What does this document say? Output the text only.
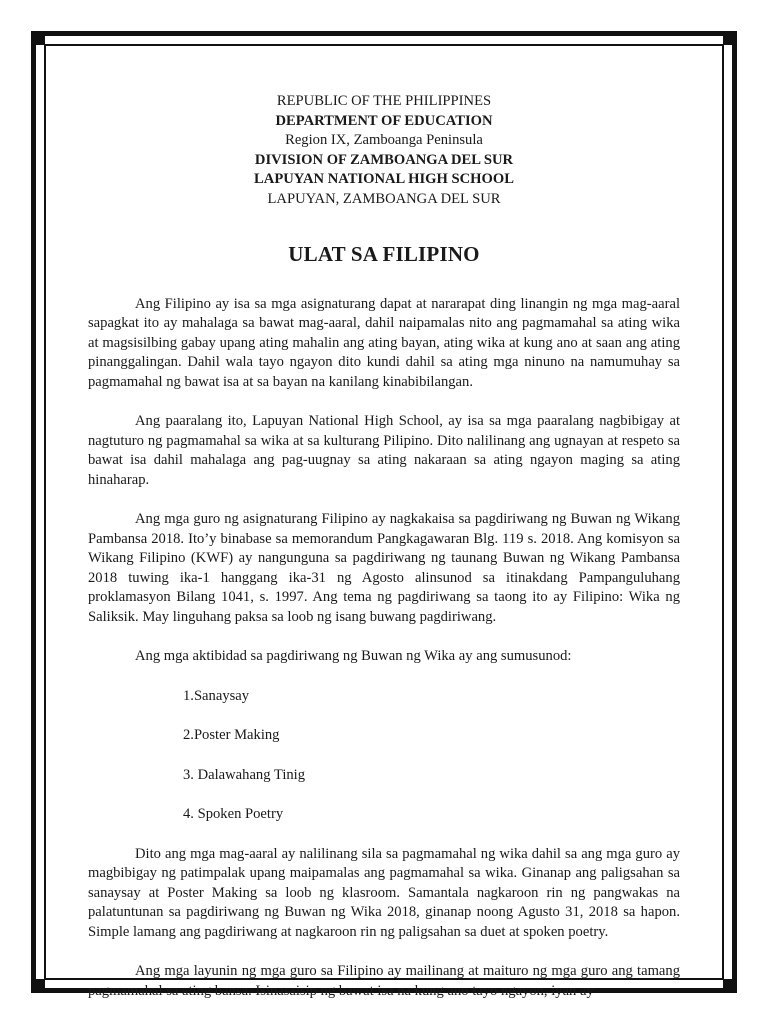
REPUBLIC OF THE PHILIPPINES
DEPARTMENT OF EDUCATION
Region IX, Zamboanga Peninsula
DIVISION OF ZAMBOANGA DEL SUR
LAPUYAN NATIONAL HIGH SCHOOL
LAPUYAN, ZAMBOANGA DEL SUR
ULAT SA FILIPINO

Ang Filipino ay isa sa mga asignaturang dapat at nararapat ding linangin ng mga mag-aaral sapagkat ito ay mahalaga sa bawat mag-aaral, dahil naipamalas nito ang pagmamahal sa ating wika at magsisilbing gabay upang ating mahalin ang ating bayan, ating wika at kung ano at saan ang ating pinanggalingan. Dahil wala tayo ngayon dito kundi dahil sa ating mga ninuno na namumuhay sa pagmamahal ng bawat isa at sa bayan na kanilang kinabibilangan.

Ang paaralang ito, Lapuyan National High School, ay isa sa mga paaralang nagbibigay at nagtuturo ng pagmamahal sa wika at sa kulturang Pilipino. Dito nalilinang ang ugnayan at respeto sa bawat isa dahil mahalaga ang pag-uugnay sa ating nakaraan sa ating ngayon maging sa ating hinaharap.

Ang mga guro ng asignaturang Filipino ay nagkakaisa sa pagdiriwang ng Buwan ng Wikang Pambansa 2018. Ito’y binabase sa memorandum Pangkagawaran Blg. 119 s. 2018. Ang komisyon sa Wikang Filipino (KWF) ay nangunguna sa pagdiriwang ng taunang Buwan ng Wikang Pambansa 2018 tuwing ika-1 hanggang ika-31 ng Agosto alinsunod sa itinakdang Pampanguluhang proklamasyon Bilang 1041, s. 1997. Ang tema ng pagdiriwang sa taong ito ay Filipino: Wika ng Saliksik. May linguhang paksa sa loob ng isang buwang pagdiriwang.

Ang mga aktibidad sa pagdiriwang ng Buwan ng Wika ay ang sumusunod:

1.Sanaysay
2.Poster Making
3. Dalawahang Tinig
4. Spoken Poetry

Dito ang mga mag-aaral ay nalilinang sila sa pagmamahal ng wika dahil sa ang mga guro ay magbibigay ng patimpalak upang maipamalas ang pagmamahal sa wika. Ginanap ang paligsahan sa sanaysay at Poster Making sa loob ng klasroom. Samantala nagkaroon rin ng pangwakas na palatuntunan sa pagdiriwang ng Buwan ng Wika 2018, ginanap noong Agusto 31, 2018 sa hapon. Simple lamang ang pagdiriwang at nagkaroon rin ng paligsahan sa duet at spoken poetry.

Ang mga layunin ng mga guro sa Filipino ay mailinang at maituro ng mga guro ang tamang pagmamahal sa ating bansa. Isinasaisip ng bawat isa na kung ano tayo ngayon, iyan ay
